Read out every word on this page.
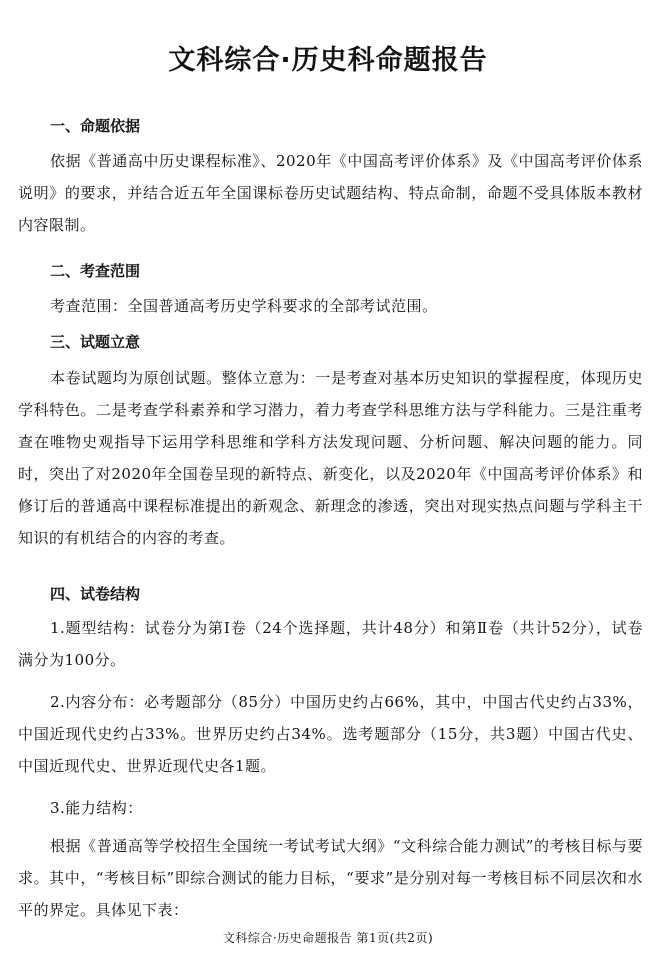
文科综合·历史科命题报告
一、命题依据

依据《普通高中历史课程标准》、2020年《中国高考评价体系》及《中国高考评价体系说明》的要求，并结合近五年全国课标卷历史试题结构、特点命制，命题不受具体版本教材内容限制。

二、考查范围

考查范围：全国普通高考历史学科要求的全部考试范围。

三、试题立意

本卷试题均为原创试题。整体立意为：一是考查对基本历史知识的掌握程度，体现历史学科特色。二是考查学科素养和学习潜力，着力考查学科思维方法与学科能力。三是注重考查在唯物史观指导下运用学科思维和学科方法发现问题、分析问题、解决问题的能力。同时，突出了对2020年全国卷呈现的新特点、新变化，以及2020年《中国高考评价体系》和修订后的普通高中课程标准提出的新观念、新理念的渗透，突出对现实热点问题与学科主干知识的有机结合的内容的考查。

四、试卷结构

1.题型结构：试卷分为第Ⅰ卷（24个选择题，共计48分）和第Ⅱ卷（共计52分），试卷满分为100分。

2.内容分布：必考题部分（85分）中国历史约占66%，其中，中国古代史约占33%，中国近现代史约占33%。世界历史约占34%。选考题部分（15分，共3题）中国古代史、中国近现代史、世界近现代史各1题。

3.能力结构：

根据《普通高等学校招生全国统一考试考试大纲》“文科综合能力测试”的考核目标与要求。其中，“考核目标”即综合测试的能力目标，“要求”是分别对每一考核目标不同层次和水平的界定。具体见下表：

文科综合·历史命题报告 第1页(共2页)
